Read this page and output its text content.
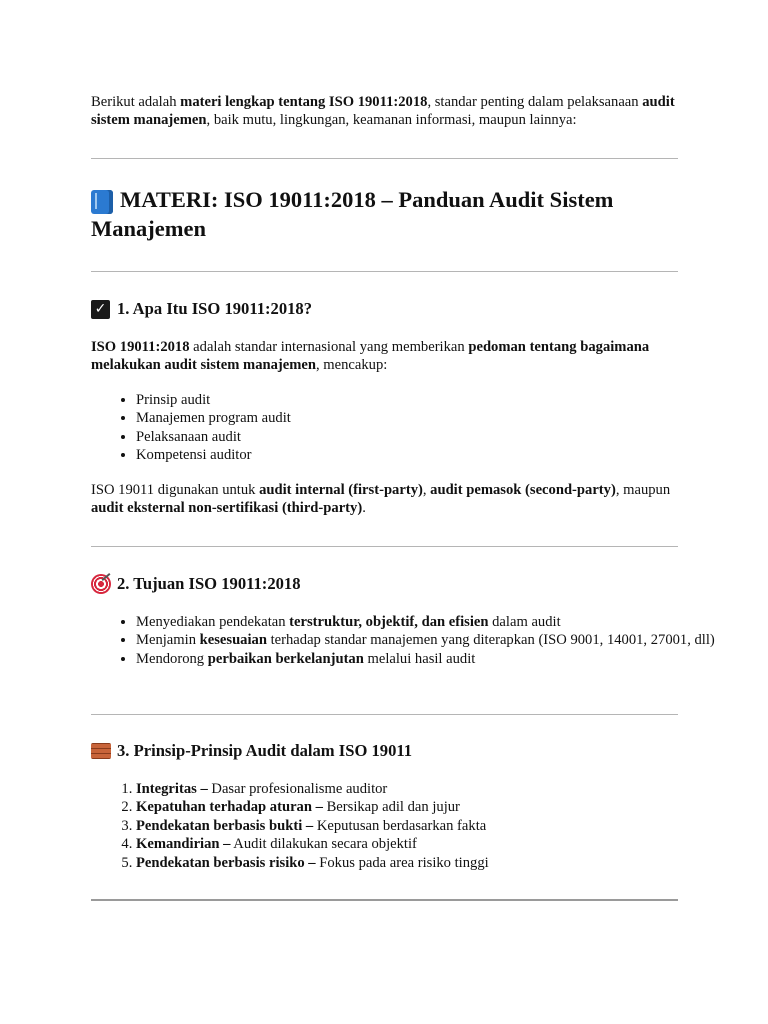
Berikut adalah materi lengkap tentang ISO 19011:2018, standar penting dalam pelaksanaan audit sistem manajemen, baik mutu, lingkungan, keamanan informasi, maupun lainnya:

MATERI: ISO 19011:2018 – Panduan Audit Sistem Manajemen
✓ 1. Apa Itu ISO 19011:2018?

ISO 19011:2018 adalah standar internasional yang memberikan pedoman tentang bagaimana melakukan audit sistem manajemen, mencakup:

• Prinsip audit
• Manajemen program audit
• Pelaksanaan audit
• Kompetensi auditor

ISO 19011 digunakan untuk audit internal (first-party), audit pemasok (second-party), maupun audit eksternal non-sertifikasi (third-party).

2. Tujuan ISO 19011:2018
• Menyediakan pendekatan terstruktur, objektif, dan efisien dalam audit
• Menjamin kesesuaian terhadap standar manajemen yang diterapkan (ISO 9001, 14001, 27001, dll)
• Mendorong perbaikan berkelanjutan melalui hasil audit
3. Prinsip-Prinsip Audit dalam ISO 19011
1. Integritas – Dasar profesionalisme auditor
2. Kepatuhan terhadap aturan – Bersikap adil dan jujur
3. Pendekatan berbasis bukti – Keputusan berdasarkan fakta
4. Kemandirian – Audit dilakukan secara objektif
5. Pendekatan berbasis risiko – Fokus pada area risiko tinggi
